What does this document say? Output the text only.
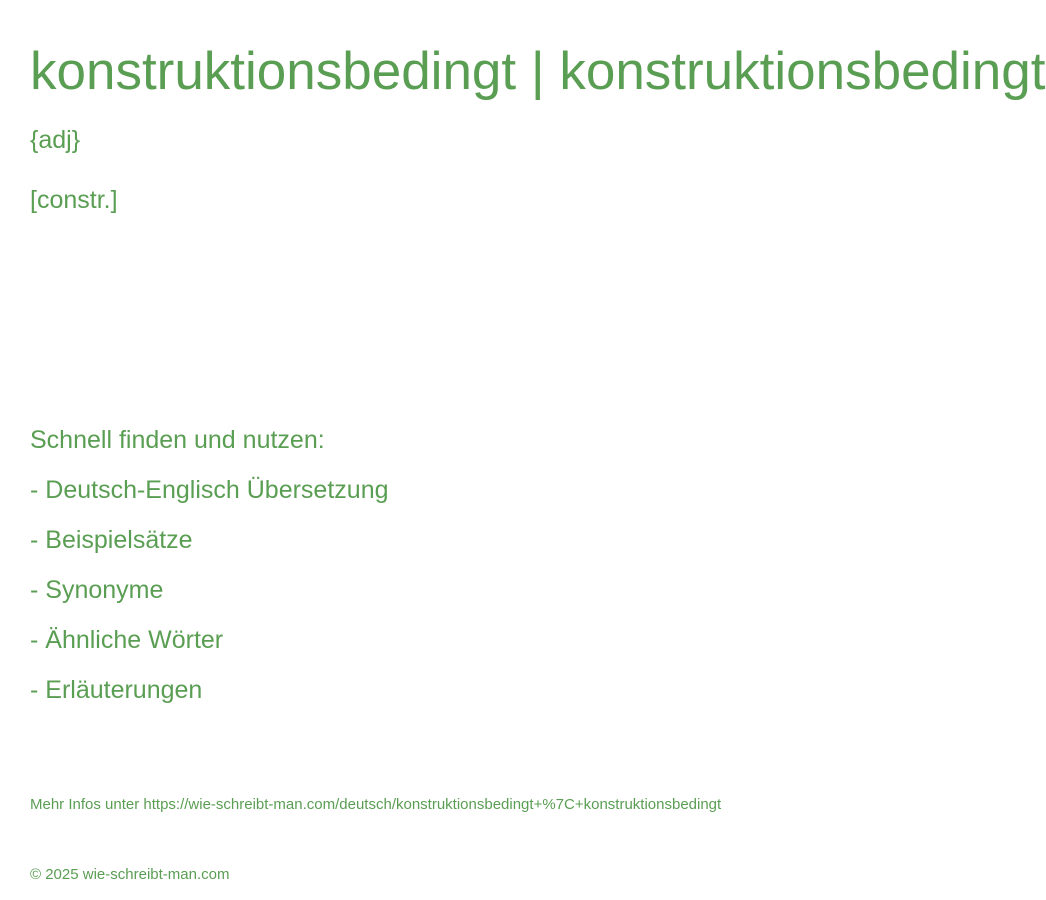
konstruktionsbedingt | konstruktionsbedingt
{adj}
[constr.]
Schnell finden und nutzen:
- Deutsch-Englisch Übersetzung
- Beispielsätze
- Synonyme
- Ähnliche Wörter
- Erläuterungen
Mehr Infos unter https://wie-schreibt-man.com/deutsch/konstruktionsbedingt+%7C+konstruktionsbedingt
© 2025 wie-schreibt-man.com
